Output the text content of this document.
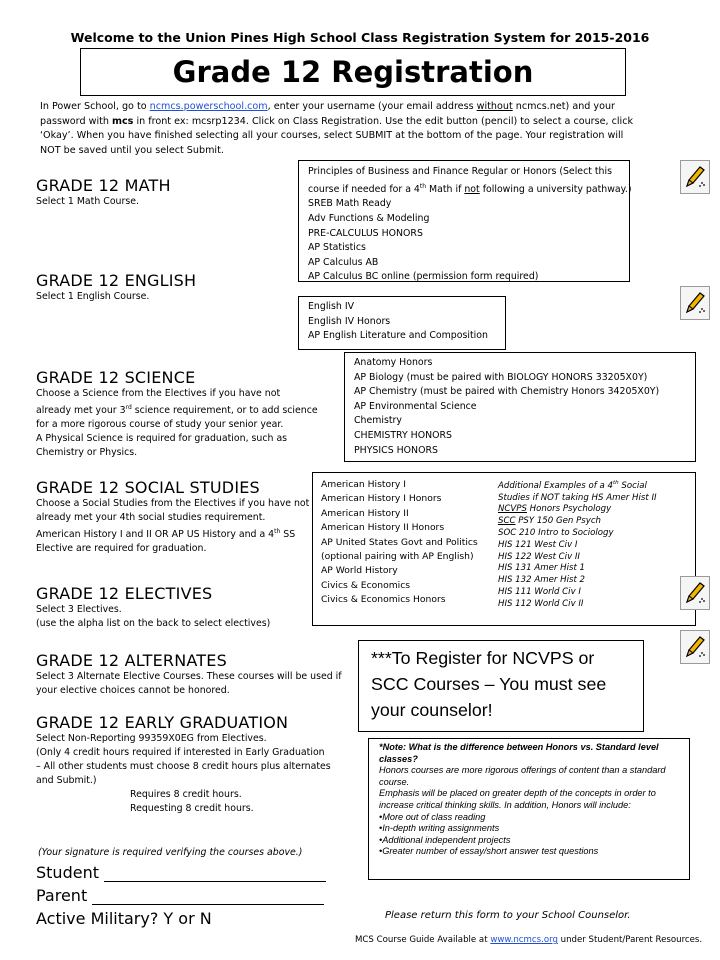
Welcome to the Union Pines High School Class Registration System for 2015-2016
Grade 12 Registration
In Power School, go to ncmcs.powerschool.com, enter your username (your email address without ncmcs.net) and your password with mcs in front ex: mcsrp1234. Click on Class Registration. Use the edit button (pencil) to select a course, click ‘Okay’. When you have finished selecting all your courses, select SUBMIT at the bottom of the page. Your registration will NOT be saved until you select Submit.
GRADE 12 MATH
Select 1 Math Course.
Principles of Business and Finance Regular or Honors (Select this
course if needed for a 4th Math if not following a university pathway.)
SREB Math Ready
Adv Functions & Modeling
PRE-CALCULUS HONORS
AP Statistics
AP Calculus AB
AP Calculus BC online (permission form required)
GRADE 12 ENGLISH
Select 1 English Course.
English IV
English IV Honors
AP English Literature and Composition
GRADE 12 SCIENCE
Choose a Science from the Electives if you have not
already met your 3rd science requirement, or to add science
for a more rigorous course of study your senior year.
A Physical Science is required for graduation, such as
Chemistry or Physics.
Anatomy Honors
AP Biology (must be paired with BIOLOGY HONORS 33205X0Y)
AP Chemistry (must be paired with Chemistry Honors 34205X0Y)
AP Environmental Science
Chemistry
CHEMISTRY HONORS
PHYSICS HONORS
GRADE 12 SOCIAL STUDIES
Choose a Social Studies from the Electives if you have not
already met your 4th social studies requirement.
American History I and II OR AP US History and a 4th SS
Elective are required for graduation.
American History I
American History I Honors
American History II
American History II Honors
AP United States Govt and Politics
(optional pairing with AP English)
AP World History
Civics & Economics
Civics & Economics Honors
Additional Examples of a 4th Social
Studies if NOT taking HS Amer Hist II
NCVPS Honors Psychology
SCC PSY 150 Gen Psych
SOC 210 Intro to Sociology
HIS 121 West Civ I
HIS 122 West Civ II
HIS 131 Amer Hist 1
HIS 132 Amer Hist 2
HIS 111 World Civ I
HIS 112 World Civ II
GRADE 12 ELECTIVES
Select 3 Electives.
(use the alpha list on the back to select electives)
GRADE 12 ALTERNATES
Select 3 Alternate Elective Courses. These courses will be used if
your elective choices cannot be honored.
GRADE 12 EARLY GRADUATION
Select Non-Reporting 99359X0EG from Electives.
(Only 4 credit hours required if interested in Early Graduation
– All other students must choose 8 credit hours plus alternates
and Submit.)
Requires 8 credit hours.
Requesting 8 credit hours.
***To Register for NCVPS or SCC Courses – You must see your counselor!
*Note: What is the difference between Honors vs. Standard level classes?
Honors courses are more rigorous offerings of content than a standard course.
Emphasis will be placed on greater depth of the concepts in order to increase critical thinking skills. In addition, Honors will include:
•More out of class reading
•In-depth writing assignments
•Additional independent projects
•Greater number of essay/short answer test questions
(Your signature is required verifying the courses above.)
Student
Parent
Active Military? Y or N	Please return this form to your School Counselor.
MCS Course Guide Available at www.ncmcs.org under Student/Parent Resources.
